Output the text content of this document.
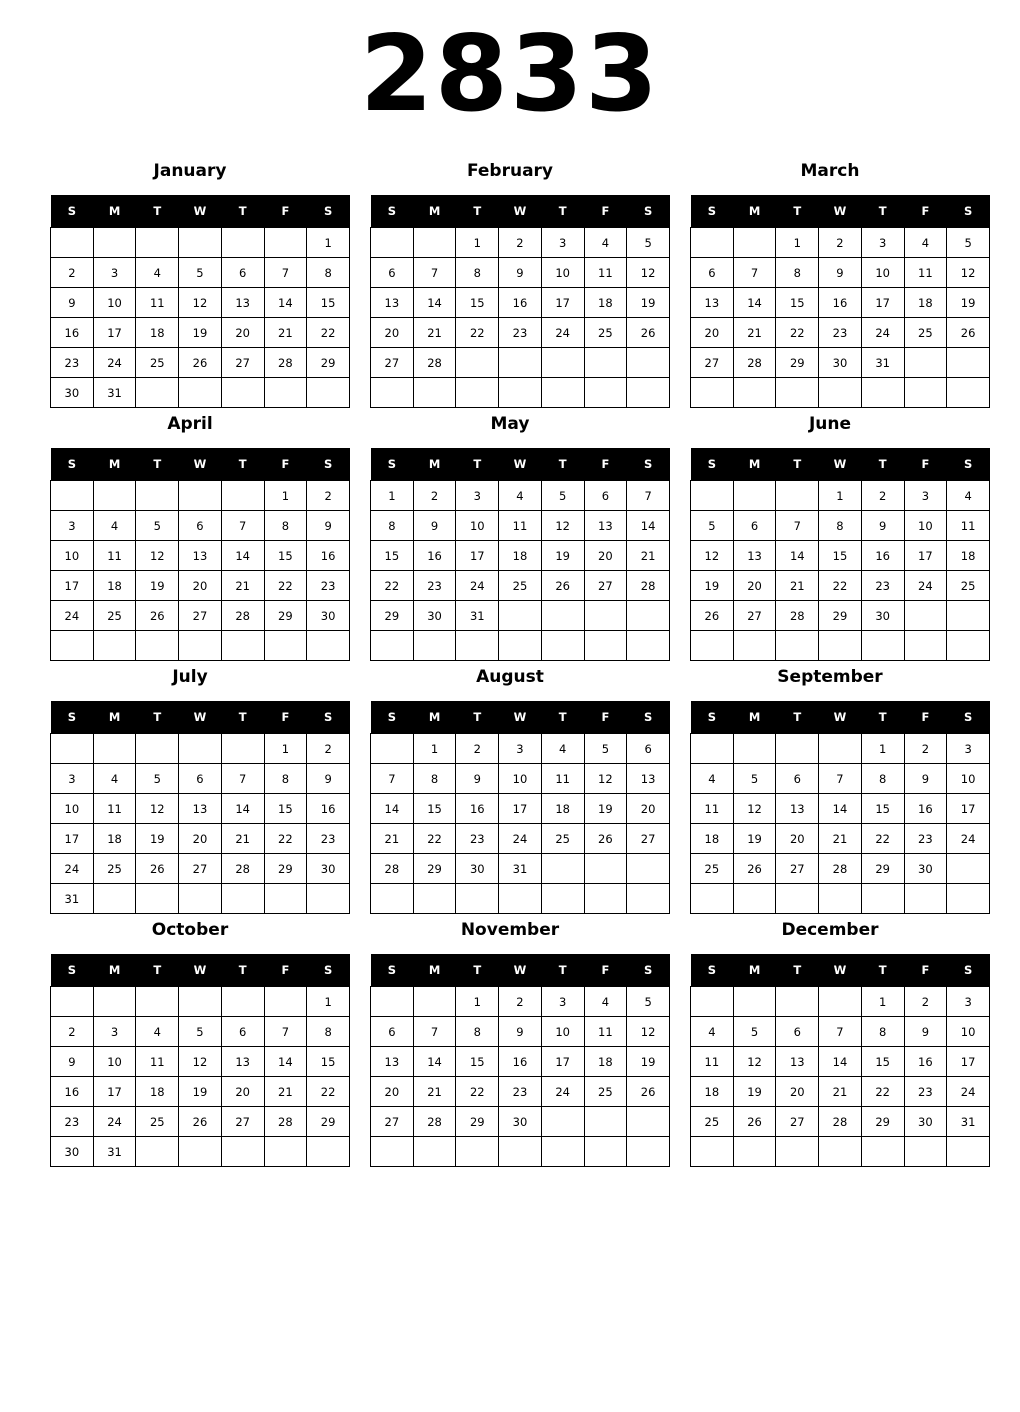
2833
January
S	M	T	W	T	F	S
						1
2	3	4	5	6	7	8
9	10	11	12	13	14	15
16	17	18	19	20	21	22
23	24	25	26	27	28	29
30	31					
February
S	M	T	W	T	F	S
		1	2	3	4	5
6	7	8	9	10	11	12
13	14	15	16	17	18	19
20	21	22	23	24	25	26
27	28					

March
S	M	T	W	T	F	S
		1	2	3	4	5
6	7	8	9	10	11	12
13	14	15	16	17	18	19
20	21	22	23	24	25	26
27	28	29	30	31		

April
S	M	T	W	T	F	S
					1	2
3	4	5	6	7	8	9
10	11	12	13	14	15	16
17	18	19	20	21	22	23
24	25	26	27	28	29	30

May
S	M	T	W	T	F	S
1	2	3	4	5	6	7
8	9	10	11	12	13	14
15	16	17	18	19	20	21
22	23	24	25	26	27	28
29	30	31				

June
S	M	T	W	T	F	S
			1	2	3	4
5	6	7	8	9	10	11
12	13	14	15	16	17	18
19	20	21	22	23	24	25
26	27	28	29	30		

July
S	M	T	W	T	F	S
					1	2
3	4	5	6	7	8	9
10	11	12	13	14	15	16
17	18	19	20	21	22	23
24	25	26	27	28	29	30
31						
August
S	M	T	W	T	F	S
	1	2	3	4	5	6
7	8	9	10	11	12	13
14	15	16	17	18	19	20
21	22	23	24	25	26	27
28	29	30	31			

September
S	M	T	W	T	F	S
				1	2	3
4	5	6	7	8	9	10
11	12	13	14	15	16	17
18	19	20	21	22	23	24
25	26	27	28	29	30	

October
S	M	T	W	T	F	S
						1
2	3	4	5	6	7	8
9	10	11	12	13	14	15
16	17	18	19	20	21	22
23	24	25	26	27	28	29
30	31					
November
S	M	T	W	T	F	S
		1	2	3	4	5
6	7	8	9	10	11	12
13	14	15	16	17	18	19
20	21	22	23	24	25	26
27	28	29	30			

December
S	M	T	W	T	F	S
				1	2	3
4	5	6	7	8	9	10
11	12	13	14	15	16	17
18	19	20	21	22	23	24
25	26	27	28	29	30	31
